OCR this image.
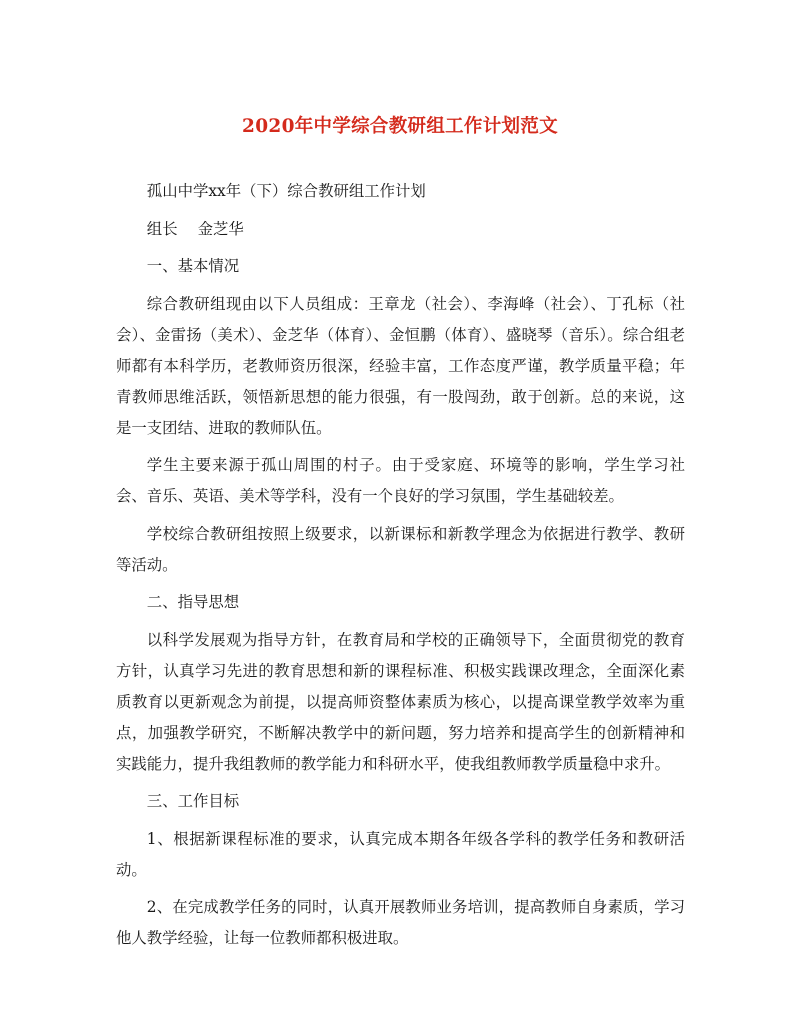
2020年中学综合教研组工作计划范文

孤山中学xx年（下）综合教研组工作计划

组长 金芝华

一、基本情况

综合教研组现由以下人员组成：王章龙（社会）、李海峰（社会）、丁孔标（社会）、金雷扬（美术）、金芝华（体育）、金恒鹏（体育）、盛晓琴（音乐）。综合组老师都有本科学历，老教师资历很深，经验丰富，工作态度严谨，教学质量平稳；年青教师思维活跃，领悟新思想的能力很强，有一股闯劲，敢于创新。总的来说，这是一支团结、进取的教师队伍。

学生主要来源于孤山周围的村子。由于受家庭、环境等的影响，学生学习社会、音乐、英语、美术等学科，没有一个良好的学习氛围，学生基础较差。

学校综合教研组按照上级要求，以新课标和新教学理念为依据进行教学、教研等活动。

二、指导思想

以科学发展观为指导方针，在教育局和学校的正确领导下，全面贯彻党的教育方针，认真学习先进的教育思想和新的课程标准、积极实践课改理念，全面深化素质教育以更新观念为前提，以提高师资整体素质为核心，以提高课堂教学效率为重点，加强教学研究，不断解决教学中的新问题，努力培养和提高学生的创新精神和实践能力，提升我组教师的教学能力和科研水平，使我组教师教学质量稳中求升。

三、工作目标

1、根据新课程标准的要求，认真完成本期各年级各学科的教学任务和教研活动。

2、在完成教学任务的同时，认真开展教师业务培训，提高教师自身素质，学习他人教学经验，让每一位教师都积极进取。
